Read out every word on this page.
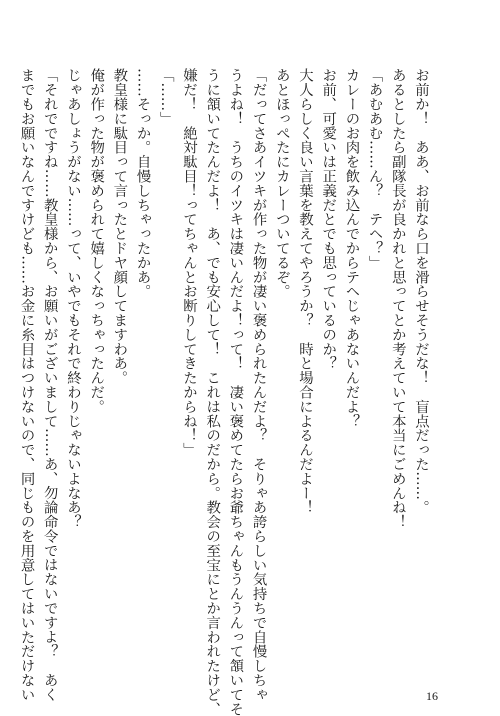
お前か！　ああ、お前なら口を滑らせそうだな！　盲点だった……。
あるとしたら副隊長が良かれと思ってとか考えていて本当にごめんね！
「あむあむ……ん？　テヘ？」
カレーのお肉を飲み込んでからテヘじゃあないんだよ？
お前、可愛いは正義だとでも思っているのか？
大人らしく良い言葉を教えてやろうか？　時と場合によるんだよー！
あとほっぺたにカレーついてるぞ。
「だってさあイツキが作った物が凄い褒められたんだよ？　そりゃあ誇らしい気持ちで自慢しちゃ
うよね！　うちのイツキは凄いんだよ！って！　凄い褒めてたらお爺ちゃんもうんうんって頷いてそ
うに頷いてたんだよ！　あ、でも安心して！　これは私のだから。教会の至宝にとか言われたけど、
嫌だ！　絶対駄目！ってちゃんとお断りしてきたからね！」
「……」
……そっか。自慢しちゃったかあ。
教皇様に駄目って言ったとドヤ顔してますわあ。
俺が作った物が褒められて嬉しくなっちゃったんだ。
じゃあしょうがない……って、いやでもそれで終わりじゃないよなあ？
「それでですね……教皇様から、お願いがございまして……あ、勿論命令ではないですよ？　あく
までもお願いなんですけども……お金に糸目はつけないので、同じものを用意してはいただけない	16
